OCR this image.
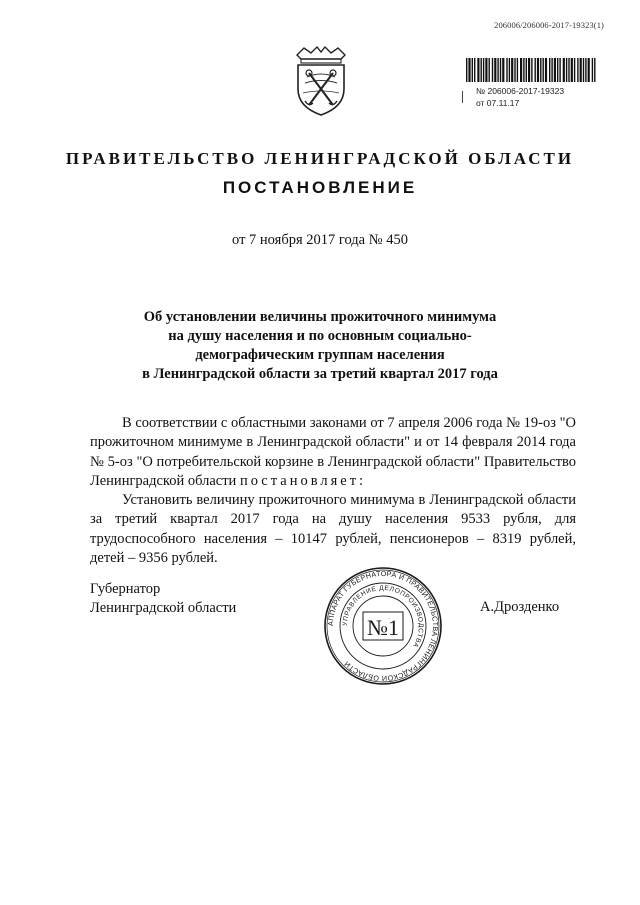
206006/206006-2017-19323(1)
№ 206006-2017-19323
от 07.11.17
ПРАВИТЕЛЬСТВО ЛЕНИНГРАДСКОЙ ОБЛАСТИ
ПОСТАНОВЛЕНИЕ
от 7 ноября 2017 года № 450
Об установлении величины прожиточного минимума
на душу населения и по основным социально-
демографическим группам населения
в Ленинградской области за третий квартал 2017 года

В соответствии с областными законами от 7 апреля 2006 года № 19-оз "О прожиточном минимуме в Ленинградской области" и от 14 февраля 2014 года № 5-оз "О потребительской корзине в Ленинградской области" Правительство Ленинградской области постановляет:

Установить величину прожиточного минимума в Ленинградской области за третий квартал 2017 года на душу населения 9533 рубля, для трудоспособного населения – 10147 рублей, пенсионеров – 8319 рублей, детей – 9356 рублей.

Губернатор
Ленинградской области	А.Дрозденко
АППАРАТ ГУБЕРНАТОРА И ПРАВИТЕЛЬСТВА ЛЕНИНГРАДСКОЙ ОБЛАСТИ
УПРАВЛЕНИЕ ДЕЛОПРОИЗВОДСТВА
№1
